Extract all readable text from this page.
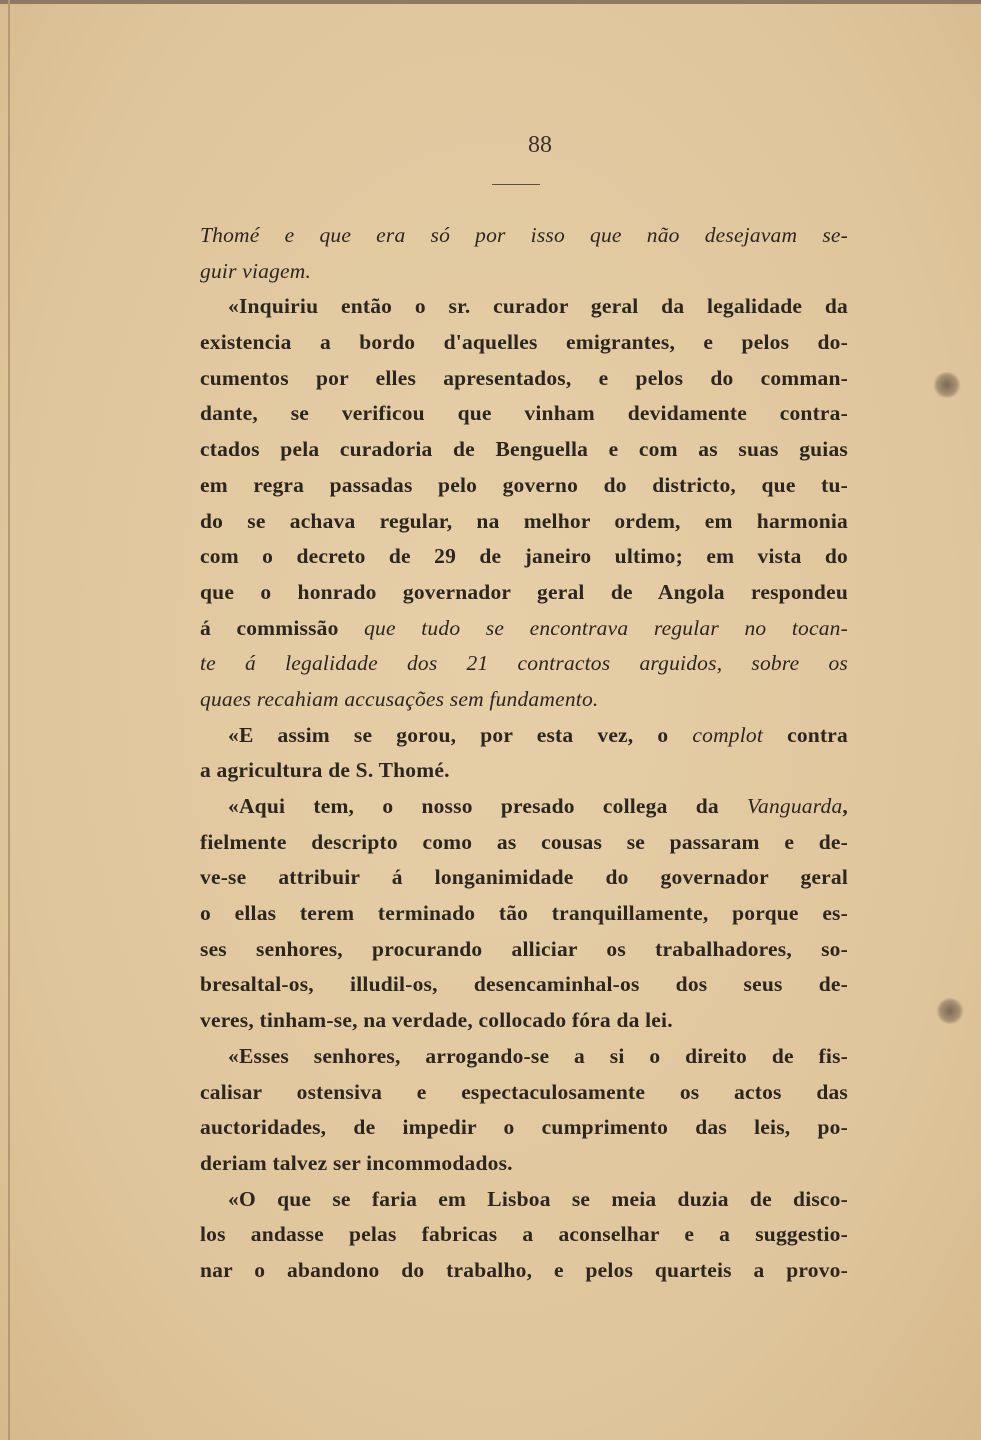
88
Thomé e que era só por isso que não desejavam se-
guir viagem.
«Inquiriu então o sr. curador geral da legalidade da
existencia a bordo d'aquelles emigrantes, e pelos do-
cumentos por elles apresentados, e pelos do comman-
dante, se verificou que vinham devidamente contra-
ctados pela curadoria de Benguella e com as suas guias
em regra passadas pelo governo do districto, que tu-
do se achava regular, na melhor ordem, em harmonia
com o decreto de 29 de janeiro ultimo; em vista do
que o honrado governador geral de Angola respondeu
á commissão que tudo se encontrava regular no tocan-
te á legalidade dos 21 contractos arguidos, sobre os
quaes recahiam accusações sem fundamento.
«E assim se gorou, por esta vez, o complot contra
a agricultura de S. Thomé.
«Aqui tem, o nosso presado collega da Vanguarda,
fielmente descripto como as cousas se passaram e de-
ve-se attribuir á longanimidade do governador geral
o ellas terem terminado tão tranquillamente, porque es-
ses senhores, procurando alliciar os trabalhadores, so-
bresaltal-os, illudil-os, desencaminhal-os dos seus de-
veres, tinham-se, na verdade, collocado fóra da lei.
«Esses senhores, arrogando-se a si o direito de fis-
calisar ostensiva e espectaculosamente os actos das
auctoridades, de impedir o cumprimento das leis, po-
deriam talvez ser incommodados.
«O que se faria em Lisboa se meia duzia de disco-
los andasse pelas fabricas a aconselhar e a suggestio-
nar o abandono do trabalho, e pelos quarteis a provo-
